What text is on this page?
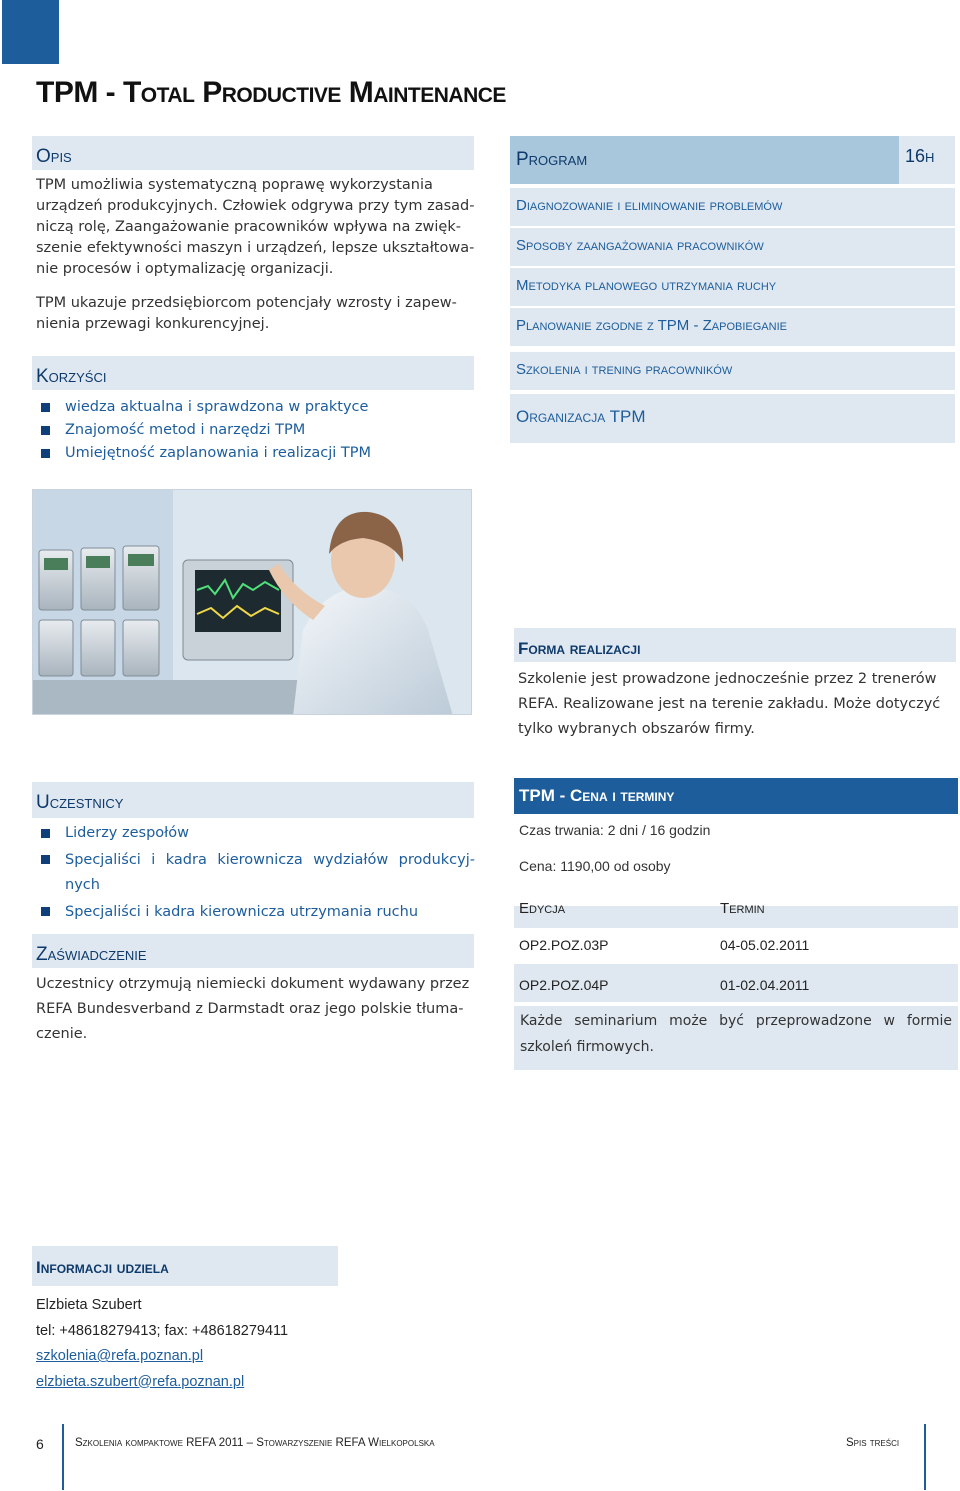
TPM - Total Productive Maintenance
Opis
TPM umożliwia systematyczną poprawę wykorzystania
urządzeń produkcyjnych. Człowiek odgrywa przy tym zasad-
niczą rolę, Zaangażowanie pracowników wpływa na zwięk-
szenie efektywności maszyn i urządzeń, lepsze ukształtowa-
nie procesów i optymalizację organizacji.
TPM ukazuje przedsiębiorcom potencjały wzrosty i zapew-
nienia przewagi konkurencyjnej.
Korzyści
wiedza aktualna i sprawdzona w praktyce
Znajomość metod i narzędzi TPM
Umiejętność zaplanowania i realizacji TPM
Program	16h
Diagnozowanie i eliminowanie problemów
Sposoby zaangażowania pracowników
Metodyka planowego utrzymania ruchy
Planowanie zgodne z TPM - Zapobieganie
Szkolenia i trening pracowników
Organizacja TPM
Forma realizacji
Szkolenie jest prowadzone jednocześnie przez 2 trenerów
REFA. Realizowane jest na terenie zakładu. Może dotyczyć
tylko wybranych obszarów firmy.
Uczestnicy
Liderzy zespołów
Specjaliści i kadra kierownicza wydziałów produkcyj-
nych
Specjaliści i kadra kierownicza utrzymania ruchu
Zaświadczenie
Uczestnicy otrzymują niemiecki dokument wydawany przez
REFA Bundesverband z Darmstadt oraz jego polskie tłuma-
czenie.
TPM - Cena i terminy
Czas trwania: 2 dni / 16 godzin
Cena: 1190,00 od osoby
Edycja	Termin
OP2.POZ.03P	04-05.02.2011
OP2.POZ.04P	01-02.04.2011
Każde seminarium może być przeprowadzone w formie
szkoleń firmowych.
Informacji udziela
Elzbieta Szubert
tel: +48618279413; fax: +48618279411
szkolenia@refa.poznan.pl
elzbieta.szubert@refa.poznan.pl
6	Szkolenia kompaktowe REFA 2011 – Stowarzyszenie REFA Wielkopolska	Spis treści
